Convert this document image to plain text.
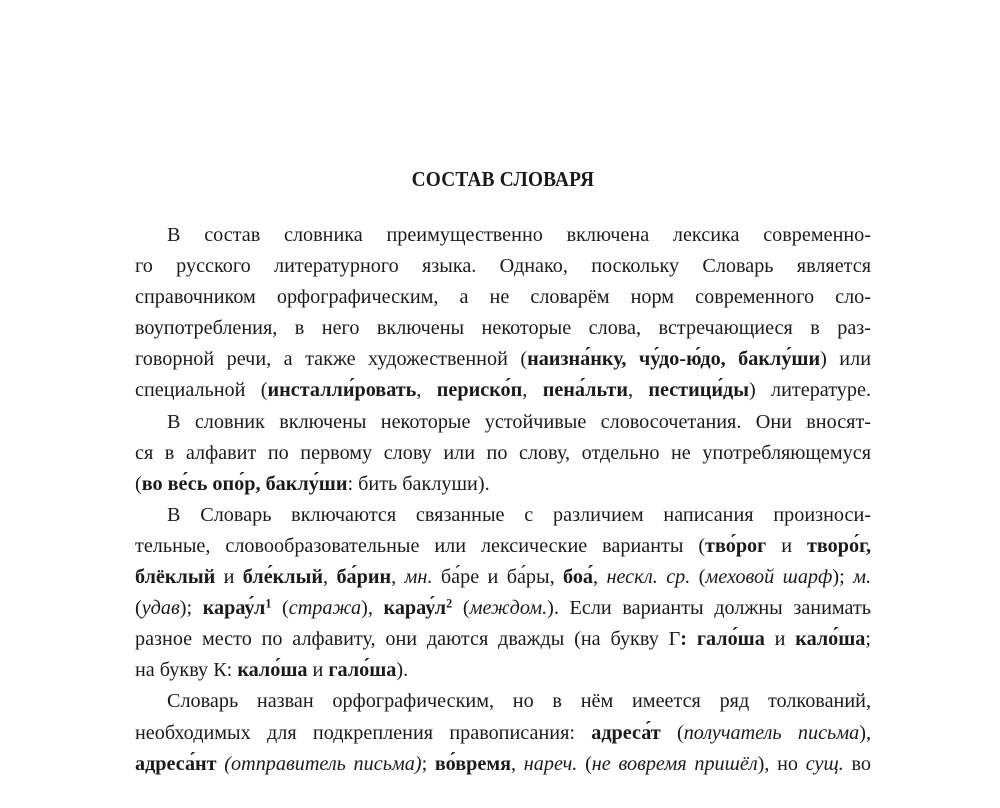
СОСТАВ СЛОВАРЯ
В состав словника преимущественно включена лексика современно-
го русского литературного языка. Однако, поскольку Словарь является
справочником орфографическим, а не словарём норм современного сло-
воупотребления, в него включены некоторые слова, встречающиеся в раз-
говорной речи, а также художественной (наизна́нку, чу́до-ю́до, баклу́ши) или
специальной (инсталли́ровать, периско́п, пена́льти, пестици́ды) литературе.
В словник включены некоторые устойчивые словосочетания. Они вносят-
ся в алфавит по первому слову или по слову, отдельно не употребляющемуся
(во ве́сь опо́р, баклу́ши: бить баклуши).
В Словарь включаются связанные с различием написания произноси-
тельные, словообразовательные или лексические варианты (тво́рог и творо́г,
блёклый и бле́клый, ба́рин, мн. ба́ре и ба́ры, боа́, нескл. ср. (меховой шарф); м.
(удав); $карау́л^1$ (стража), $карау́л^2$ (междом.). Если варианты должны занимать
разное место по алфавиту, они даются дважды (на букву Г: гало́ша и кало́ша;
на букву К: кало́ша и гало́ша).
Словарь назван орфографическим, но в нём имеется ряд толкований,
необходимых для подкрепления правописания: адреса́т (получатель письма),
адреса́нт (отправитель письма); во́время, нареч. (не вовремя пришёл), но сущ. во
